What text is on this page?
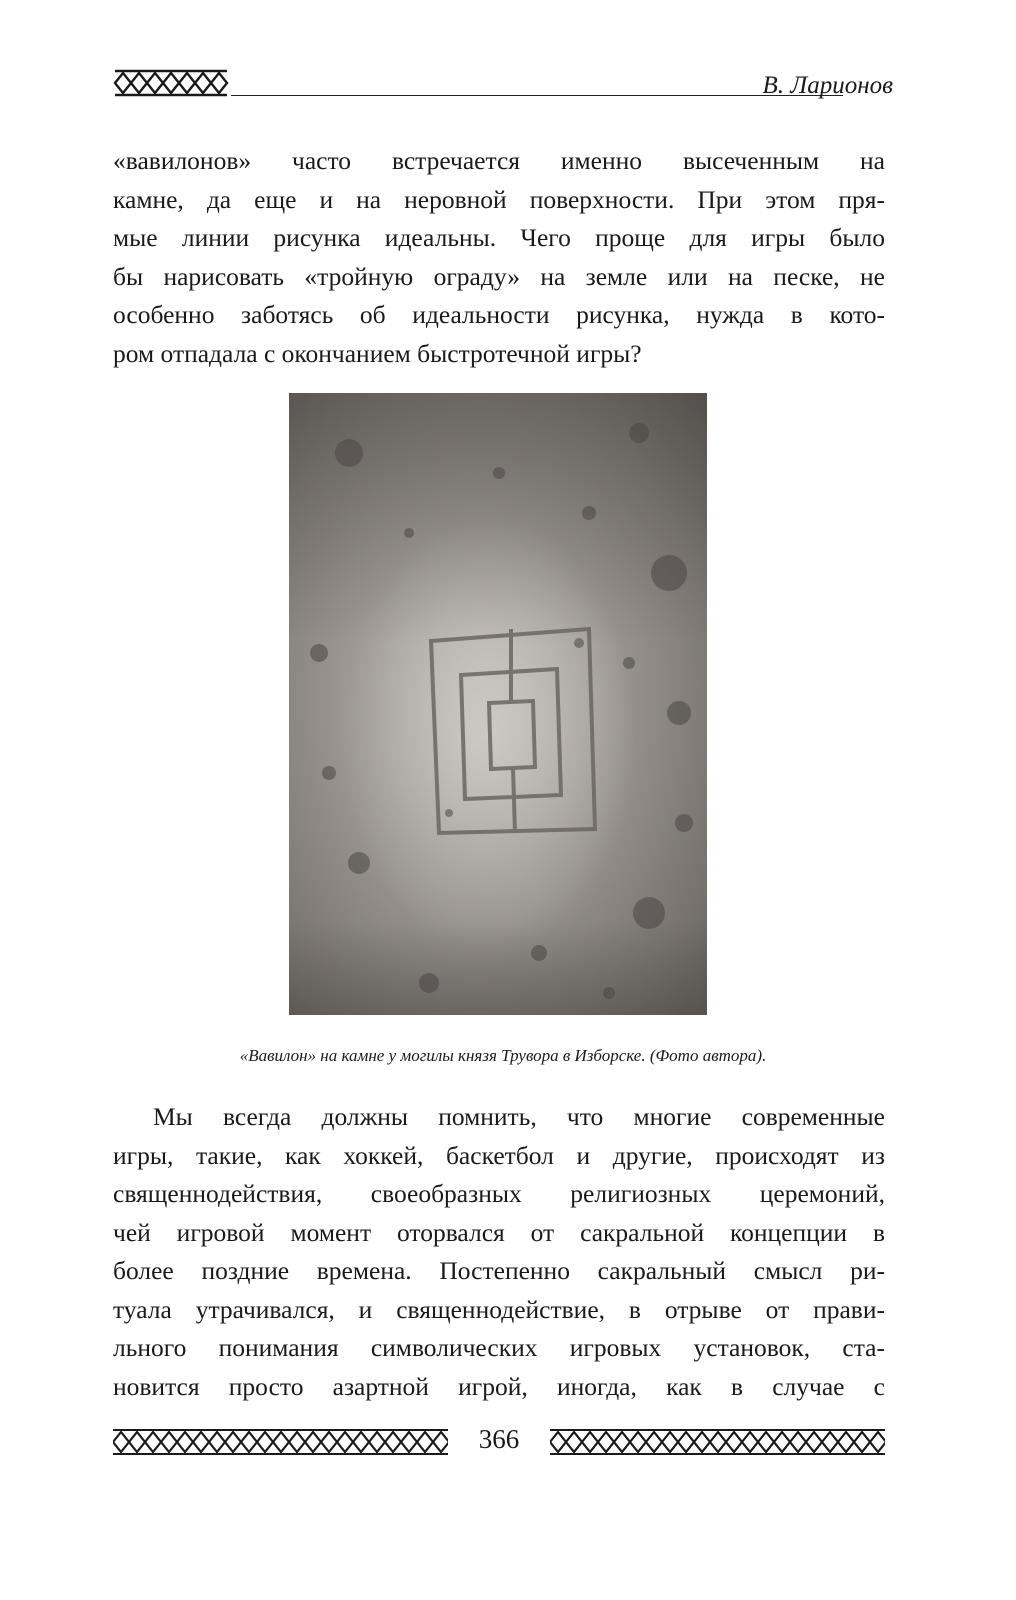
В. Ларионов
«вавилонов» часто встречается именно высеченным на
камне, да еще и на неровной поверхности. При этом пря-
мые линии рисунка идеальны. Чего проще для игры было
бы нарисовать «тройную ограду» на земле или на песке, не
особенно заботясь об идеальности рисунка, нужда в кото-
ром отпадала с окончанием быстротечной игры?
«Вавилон» на камне у могилы князя Трувора в Изборске. (Фото автора).
Мы всегда должны помнить, что многие современные
игры, такие, как хоккей, баскетбол и другие, происходят из
священнодействия, своеобразных религиозных церемоний,
чей игровой момент оторвался от сакральной концепции в
более поздние времена. Постепенно сакральный смысл ри-
туала утрачивался, и священнодействие, в отрыве от прави-
льного понимания символических игровых установок, ста-
новится просто азартной игрой, иногда, как в случае с
366
